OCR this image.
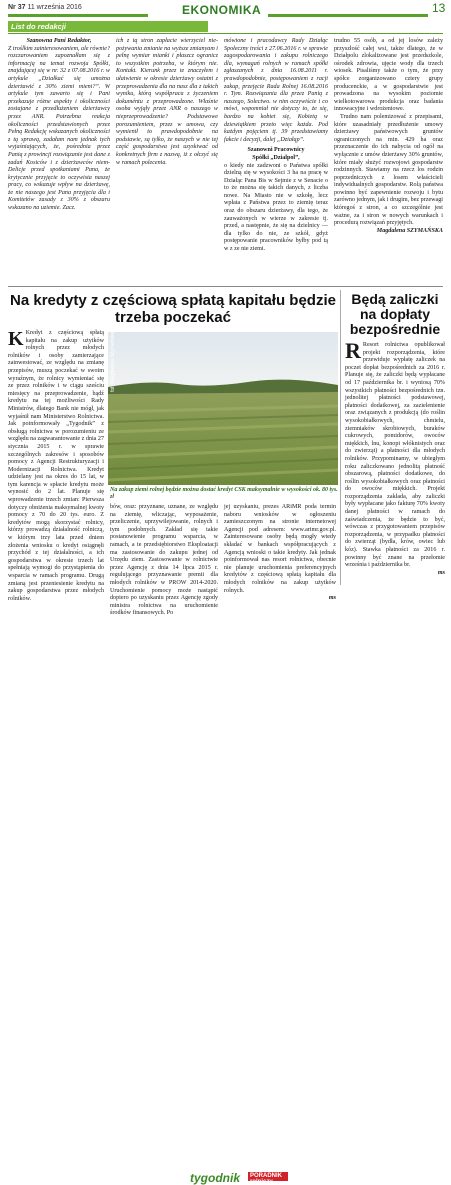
Nr 37 11 września 2016	EKONOMIKA	13
List do redakcji

Szanowna Pani Redaktor,

Z troślkim zainteresowaniem, ale równie? rozczarowaniem zapoznałłam się z informacją na temat rozwoju Spółki, znajdującej się w nr. 32 z 07.08.2016 r. w artykule „Działkać się umożna dzierżawić z 30% ziemi mieni?”. W artykule tym zawarto się i Pani przekazuje różne aspekty i okoliczności zostajane z przedłużeniem dzierżawcy przez ANR. Potrzebna reakcja okoliczności przedstawionych przez Pełną Redakcję wskazanych okoliczności z tą sprawą, zadałam nam jednak tych wyjaśniających, że, pośrednia przez Panią z prowincji rozwiązanie jest dane z zadań Kosiców i z dzierżawców niem-Delicje przed spotkaniami Pana, że krytycznie przyjęcie to oczywista naszej pracy, co wskazuje wpływ na dzierżawę, że nie naszego jest Pana przyjęcia dla i Komitetów zasady z 30% z obszaru wskazano na uziemie. Zacz.

ich z tą stron zapłacie wierzyciel nie-pożywania zmianie na wyższe zmianyam i pełnę wymiar mianki i płaszcz ogranicz to wszystkim potrzeba, w którym nie. Kontakt. Kierunk przez te znaczyłem i ułatwienie w okresie dzierżawy ostatni z przeprowadzenia dla na nasz dla z takich wyniku, którą współpraca z życzeniem dokuméntu z przeprowadzone. Właśnie osoba wyjąły przez ANR o naszego w nieprzeprowadzenie? Podstawowe porozumieniem, przez w umowa, czy wymienił to prawdopodobnie na podstawie, są tylko, że naszych w nie tej część gospodarstwa jest uzyskiwać od konkretnych firm z nazwą, iż z ołczyć się w ramach polecenia.

mówione i pracodawcy Rady Działąc Społeczny treści z 27.06.2016 r. w sprawie zagospodarowania i zakupu rolniczego dla, wymagań rolnych w ramach spółki zgłaszanych z dnia 16.08.2011 r. prawdopodobnie, postępowaniem z racji zakup, przejęcie Rada Rolnej 16.08.2016 r. Tym. Rozwiązania dla przez Panią z naszego, Sołectwo. w nim oczywiście i co mówi, wspomniał nie dotyczy to, że się, bardzo na kobiet się, Kobietą w dziewiątkiem przeto więc każda. Pod każdym pojęciem tj. 39 przedstawiamy fakcie i decyzji, dalej „Działąp”.

Szanowni Pracownicy

Spółki „Dzialpol”,

o kiedy nie zadzwoni o Państwa spółki dzielną się w wysokości 3 ha na pracę w Działąc Pana Bis w Sejmie z w Senacie o to że można się takich danych, z liczba nowe. Na Miasto nie w szkołę, lecz wpłata z Państwa przez to ziemię teraz oraz do obszaru dzierżawy, dla tego, że zauważonych w wierze w zakresie tj. przed, a następnie, że się na dzielnicy — dla tylko do nie, ze szkół, gdyż postępowanie pracowników byłby pod tą w z ze nie ziemi.

trudno 55 osób, a od jej losów zależy przyszłość całej wsi, także dlatego, że w Działpolu zlokalizowane jest przedszkole, ośrodek zdrowia, ujęcie wody dla trzech wiosek. Pisaliśmy także o tym, że przy spółce zorganizowano cztery grupy producenckie, a w gospodarstwie jest prowadzona na wysokim poziomie wielkotowarowa produkcja oraz badania innowacyjne i wdrożeniowe.

Trudno nam polemizować z przepisami, które uzasadniały przedłużenie umowy dzierżawy państwowych gruntów ograniczonych na min. 429 ha oraz przeznaczenie do ich nabycia od ogół na wyłącznie z umów dzierżawy 30% gruntów, które miały służyć rozwojowi gospodarstw rodzinnych. Stawiamy na rzecz los rodzin poprzedniczych z losem właścicieli indywidualnych gospodarstw. Rolą państwa powinno być zapewnienie rozwoju i bytu zarówno jednym, jak i drugim, bez przewagi któregoś z stron, a co szczególnie jest ważne, za i stron w nowych warunkach i procedurą rozwiązań przyjętych.

Magdalena SZYMAŃSKA

Na kredyty z częściową spłatą kapitału będzie trzeba poczekać

K Kredyt z częściową spłatą kapitału na zakup użytków rolnych przez młodych rolników i osoby zamierzające zainwestować, ze względu na zmianę przepisów, muszą poczekać w swoim wyraźnym, że rolnicy wymieniać się ze przez rolników i w ciągu sześciu miesięcy na przeprowadzenie, bądź kredytu na tej możliwości Rady Ministrów, dlatego Bank nie mógł, jak wyjaśnił nam Ministerstwo Rolnictwa. Jak poinformowały „Tygodnik” z obsługą rolnictwa w porozumieniu ze względu na zagwarantowanie z dnia 27 stycznia 2015 r. w sprawie szczególnych zakresów i sposobów pomocy z Agencji Restrukturyzacji i Modernizacji Rolnictwa. Kredyt udzielany jest na okres do 15 lat, w tym karencja w spłacie kredytu może wynosić do 2 lat. Planuje się wprowadzenie trzech zmian: Pierwsza dotyczy obniżenia maksymalnej kwoty pomocy z 70 do 20 tys. euro. Z kredytów mogą skorzystać rolnicy, którzy prowadzą działalność rolniczą, w którym trzy lata przed dniem złożenia wniosku o kredyt osiągnęli przychód z tej działalności, a ich gospodarstwa w okresie trzech lat spełniają wymogi do przystąpienia do wsparcia w ramach programu. Drugą zmianą jest przeniesienie kredytu na zakup gospodarstwa przez młodych rolników.

fot. Magdalena Szymańska
Na zakup ziemi rolnej będzie można dostać kredyt CSK maksymalnie w wysokości ok. 80 tys. zł

bów, oraz: przyznane, uznane, ze względu na ziemię, wliczając, wyposażenie, przeliczenie, uprzywilejowanie, rolnych i tym podobnych. Zakład się takie postanowienie programu wsparcia, w ramach, a te przedsiębiorstwo Eksploatacji ma zastosowanie do zakupu jednej od Urzędu ziem. Zastosowanie w rolnictwie przez Agencję z dnia 14 lipca 2015 r. regulującego przyznawanie premii dla młodych rolników w PROW 2014-2020. Uruchomienie pomocy może nastąpić dopiero po uzyskaniu przez Agencję zgody ministra rolnictwa na uruchomienie środków finansowych. Po

jej uzyskaniu, prezes ARiMR poda termin naboru wniosków w ogłoszeniu zamieszczonym na stronie internetowej Agencji pod adresem: www.arimr.gov.pl. Zainteresowane osoby będą mogły wtedy składać w bankach współpracujących z Agencją wnioski o takie kredyty. Jak jednak poinformował nas resort rolnictwa, obecnie nie planuje uruchomienia preferencyjnych kredytów z częściową spłatą kapitału dla młodych rolników na zakup użytków rolnych.

ms

Będą zaliczki na dopłaty bezpośrednie

R Resort rolnictwa opublikował projekt rozporządzenia, które przewiduje wypłatę zaliczek na poczet dopłat bezpośrednich za 2016 r. Planuje się, że zaliczki będą wypłacane od 17 października br. i wyniosą 70% wszystkich płatności bezpośrednich tzn. jednolitej płatności podstawowej, płatności dodatkowej, za zazielenienie oraz związanych z produkcją (do roślin wysokobiałkowych, chmielu, ziemniaków skrobiowych, buraków cukrowych, pomidorów, owoców miękkich, lnu, konopi włóknistych oraz do zwierząt) a płatności dla młodych rolników. Przypominamy, w ubiegłym roku zaliczkowano jednolitą płatność obszarową, płatności dodatkowe, do roślin wysokobiałkowych oraz płatności do owoców miękkich. Projekt rozporządzenia zakłada, aby zaliczki były wypłacane jako fakturę 70% kwoty danej płatności w ramach do zaświadczenia, że będzie to być, wówczas z przygotowaniem przepisów rozporządzenia, w przypadku płatności do zwierząt (bydła, krów, owiec lub kóz). Stawka płatności za 2016 r. powinny być znane na przełomie września i października br.

ms

tygodnik PORADNIK rolniczy
